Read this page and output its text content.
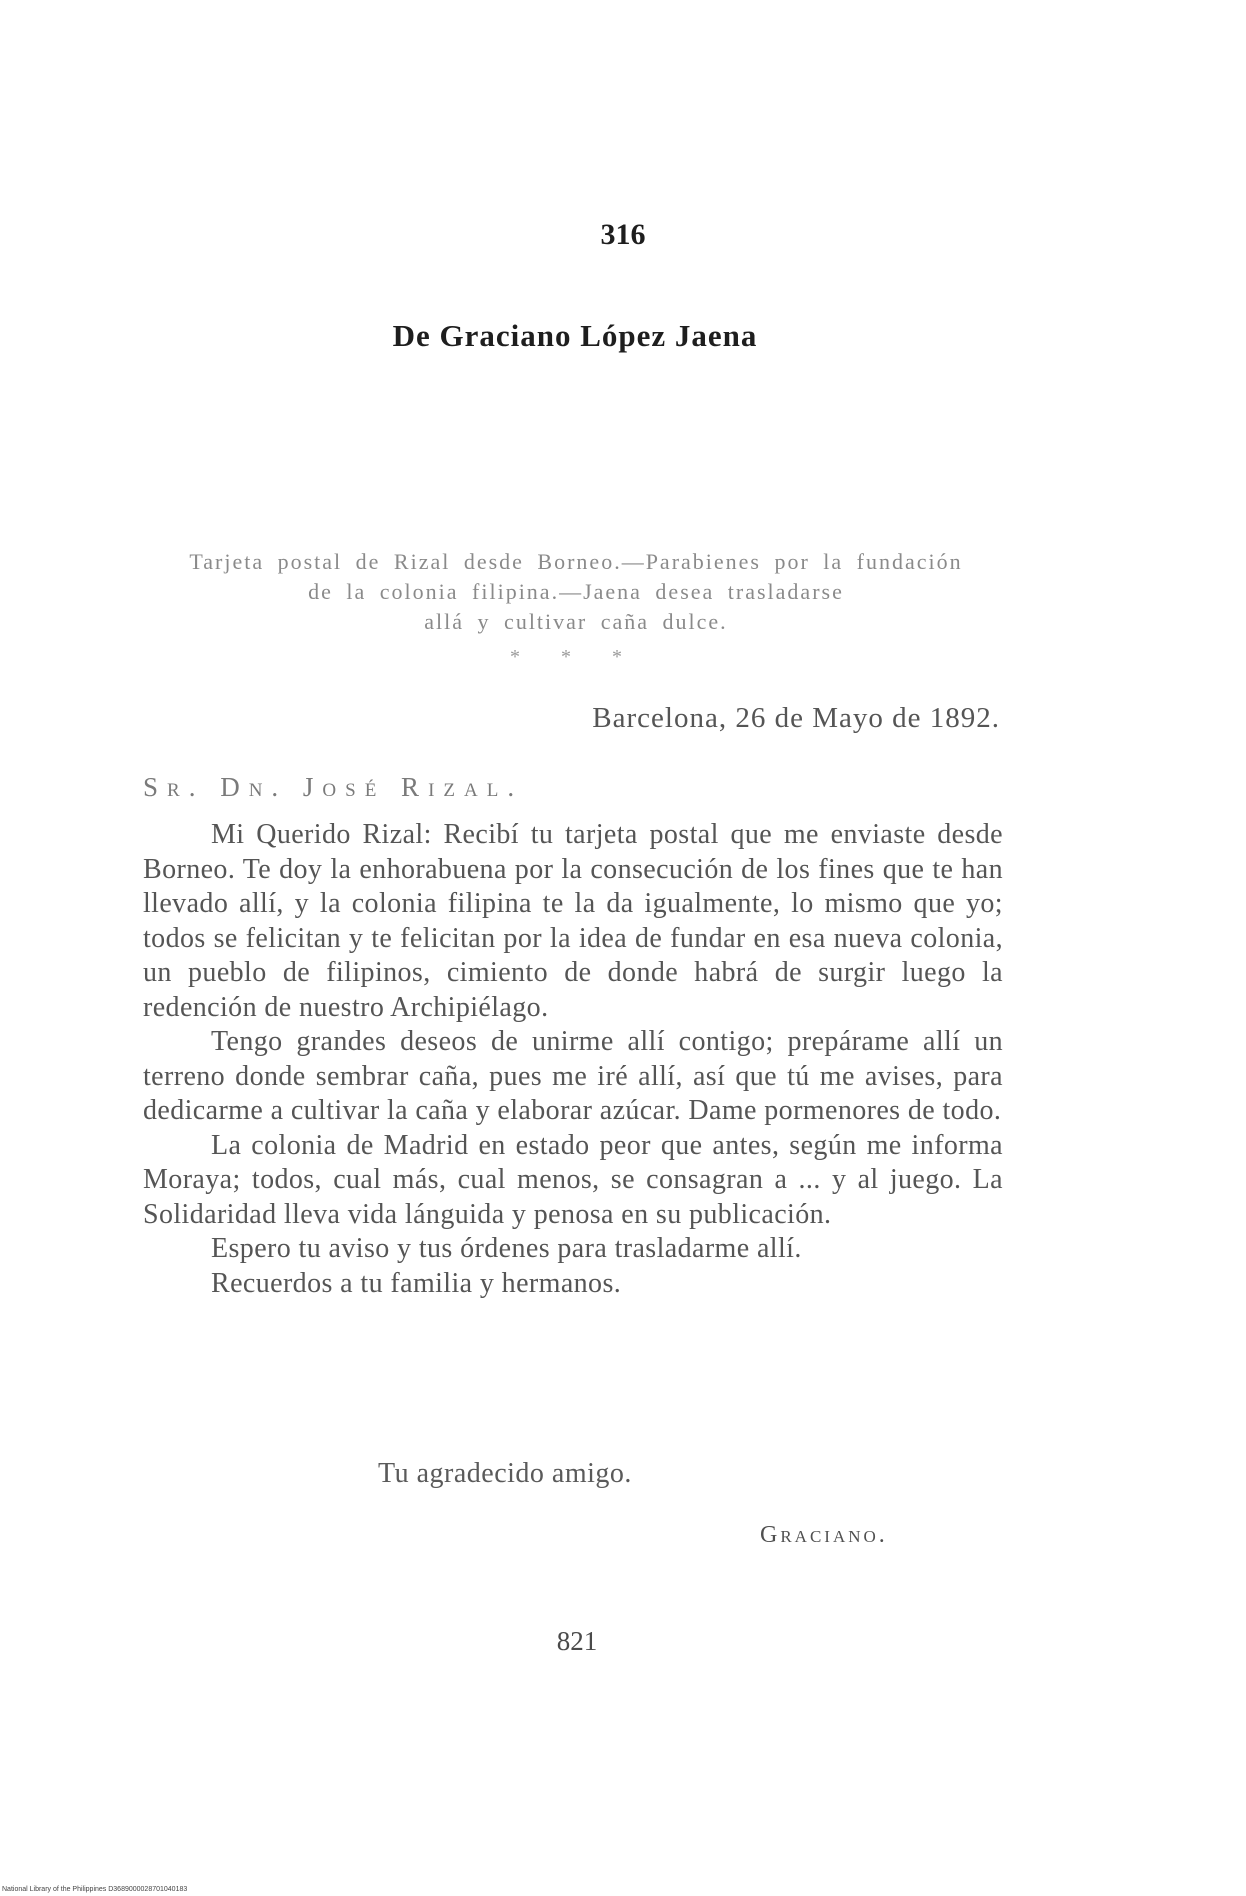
316
De Graciano López Jaena
Tarjeta postal de Rizal desde Borneo.—Parabienes por la fundación
de la colonia filipina.—Jaena desea trasladarse
allá y cultivar caña dulce.
* * *
Barcelona, 26 de Mayo de 1892.
Sr. Dn. José Rizal.

Mi Querido Rizal: Recibí tu tarjeta postal que me enviaste desde Borneo. Te doy la enhorabuena por la consecución de los fines que te han llevado allí, y la colonia filipina te la da igualmente, lo mismo que yo; todos se felicitan y te felicitan por la idea de fundar en esa nueva colonia, un pueblo de filipinos, cimiento de donde habrá de surgir luego la redención de nuestro Archipiélago.

Tengo grandes deseos de unirme allí contigo; prepárame allí un terreno donde sembrar caña, pues me iré allí, así que tú me avises, para dedicarme a cultivar la caña y elaborar azúcar. Dame pormenores de todo.

La colonia de Madrid en estado peor que antes, según me informa Moraya; todos, cual más, cual menos, se consagran a ... y al juego. La Solidaridad lleva vida lánguida y penosa en su publicación.

Espero tu aviso y tus órdenes para trasladarme allí.

Recuerdos a tu familia y hermanos.

Tu agradecido amigo.
Graciano.
821
National Library of the Philippines D3689000028701040183
